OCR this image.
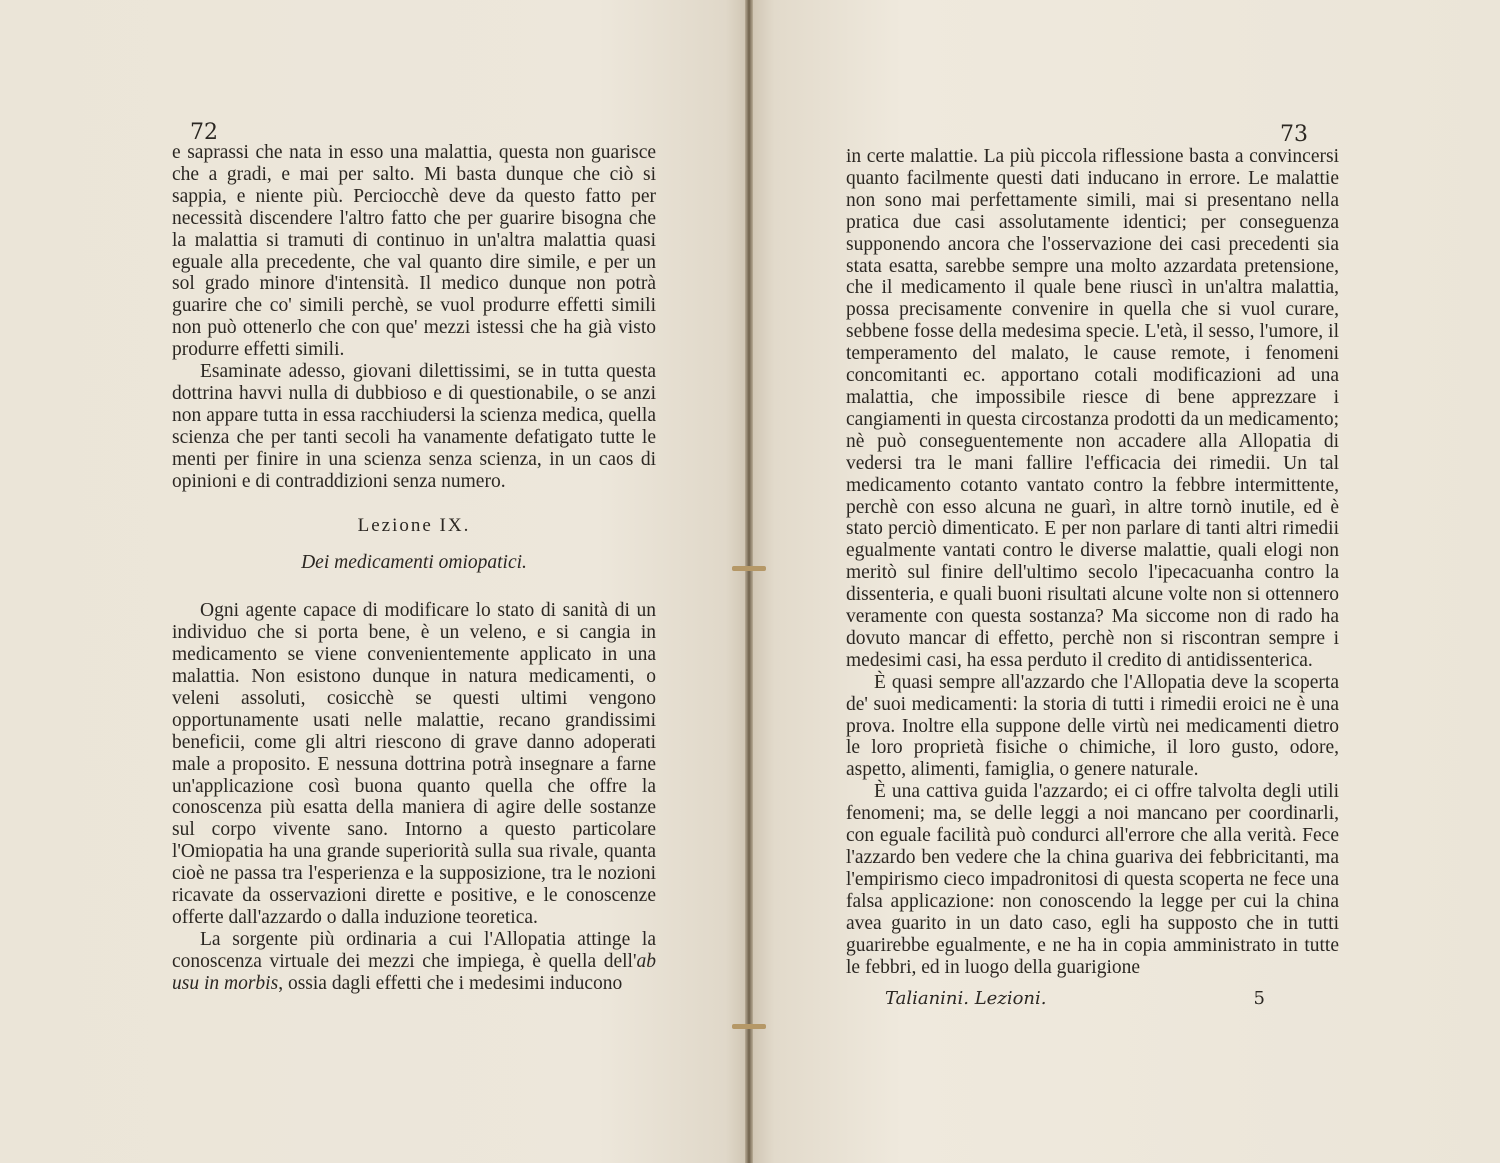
72

e saprassi che nata in esso una malattia, questa non guarisce che a gradi, e mai per salto. Mi basta dunque che ciò si sappia, e niente più. Perciocchè deve da questo fatto per necessità discendere l'altro fatto che per guarire bisogna che la malattia si tramuti di continuo in un'altra malattia quasi eguale alla precedente, che val quanto dire simile, e per un sol grado minore d'intensità. Il medico dunque non potrà guarire che co' simili perchè, se vuol produrre effetti simili non può ottenerlo che con que' mezzi istessi che ha già visto produrre effetti simili.

Esaminate adesso, giovani dilettissimi, se in tutta questa dottrina havvi nulla di dubbioso e di questionabile, o se anzi non appare tutta in essa racchiudersi la scienza medica, quella scienza che per tanti secoli ha vanamente defatigato tutte le menti per finire in una scienza senza scienza, in un caos di opinioni e di contraddizioni senza numero.

Lezione IX.

Dei medicamenti omiopatici.

Ogni agente capace di modificare lo stato di sanità di un individuo che si porta bene, è un veleno, e si cangia in medicamento se viene convenientemente applicato in una malattia. Non esistono dunque in natura medicamenti, o veleni assoluti, cosicchè se questi ultimi vengono opportunamente usati nelle malattie, recano grandissimi beneficii, come gli altri riescono di grave danno adoperati male a proposito. E nessuna dottrina potrà insegnare a farne un'applicazione così buona quanto quella che offre la conoscenza più esatta della maniera di agire delle sostanze sul corpo vivente sano. Intorno a questo particolare l'Omiopatia ha una grande superiorità sulla sua rivale, quanta cioè ne passa tra l'esperienza e la supposizione, tra le nozioni ricavate da osservazioni dirette e positive, e le conoscenze offerte dall'azzardo o dalla induzione teoretica.

La sorgente più ordinaria a cui l'Allopatia attinge la conoscenza virtuale dei mezzi che impiega, è quella dell'ab usu in morbis, ossia dagli effetti che i medesimi inducono

73

in certe malattie. La più piccola riflessione basta a convincersi quanto facilmente questi dati inducano in errore. Le malattie non sono mai perfettamente simili, mai si presentano nella pratica due casi assolutamente identici; per conseguenza supponendo ancora che l'osservazione dei casi precedenti sia stata esatta, sarebbe sempre una molto azzardata pretensione, che il medicamento il quale bene riuscì in un'altra malattia, possa precisamente convenire in quella che si vuol curare, sebbene fosse della medesima specie. L'età, il sesso, l'umore, il temperamento del malato, le cause remote, i fenomeni concomitanti ec. apportano cotali modificazioni ad una malattia, che impossibile riesce di bene apprezzare i cangiamenti in questa circostanza prodotti da un medicamento; nè può conseguentemente non accadere alla Allopatia di vedersi tra le mani fallire l'efficacia dei rimedii. Un tal medicamento cotanto vantato contro la febbre intermittente, perchè con esso alcuna ne guarì, in altre tornò inutile, ed è stato perciò dimenticato. E per non parlare di tanti altri rimedii egualmente vantati contro le diverse malattie, quali elogi non meritò sul finire dell'ultimo secolo l'ipecacuanha contro la dissenteria, e quali buoni risultati alcune volte non si ottennero veramente con questa sostanza? Ma siccome non di rado ha dovuto mancar di effetto, perchè non si riscontran sempre i medesimi casi, ha essa perduto il credito di antidissenterica.

È quasi sempre all'azzardo che l'Allopatia deve la scoperta de' suoi medicamenti: la storia di tutti i rimedii eroici ne è una prova. Inoltre ella suppone delle virtù nei medicamenti dietro le loro proprietà fisiche o chimiche, il loro gusto, odore, aspetto, alimenti, famiglia, o genere naturale.

È una cattiva guida l'azzardo; ei ci offre talvolta degli utili fenomeni; ma, se delle leggi a noi mancano per coordinarli, con eguale facilità può condurci all'errore che alla verità. Fece l'azzardo ben vedere che la china guariva dei febbricitanti, ma l'empirismo cieco impadronitosi di questa scoperta ne fece una falsa applicazione: non conoscendo la legge per cui la china avea guarito in un dato caso, egli ha supposto che in tutti guarirebbe egualmente, e ne ha in copia amministrato in tutte le febbri, ed in luogo della guarigione

Talianini. Lezioni.	5
